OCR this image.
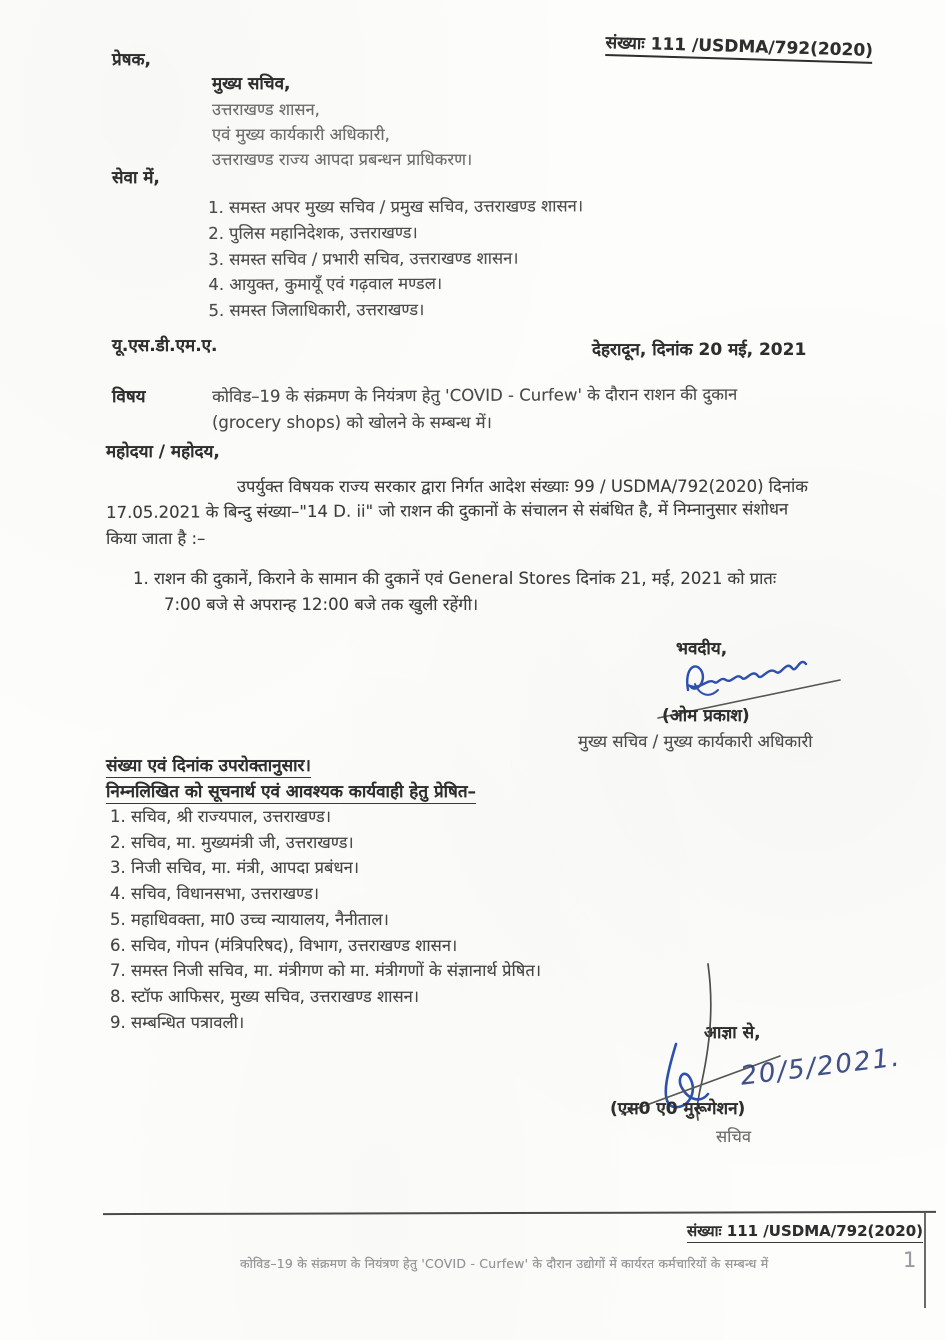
संख्याः 111 /USDMA/792(2020)
प्रेषक,
मुख्य सचिव,
उत्तराखण्ड शासन,
एवं मुख्य कार्यकारी अधिकारी,
उत्तराखण्ड राज्य आपदा प्रबन्धन प्राधिकरण।
सेवा में,
1. समस्त अपर मुख्य सचिव / प्रमुख सचिव, उत्तराखण्ड शासन।
2. पुलिस महानिदेशक, उत्तराखण्ड।
3. समस्त सचिव / प्रभारी सचिव, उत्तराखण्ड शासन।
4. आयुक्त, कुमायूँ एवं गढ़वाल मण्डल।
5. समस्त जिलाधिकारी, उत्तराखण्ड।
यू.एस.डी.एम.ए.	देहरादून, दिनांक 20 मई, 2021
विषय	कोविड–19 के संक्रमण के नियंत्रण हेतु 'COVID - Curfew' के दौरान राशन की दुकान
(grocery shops) को खोलने के सम्बन्ध में।
महोदया / महोदय,
उपर्युक्त विषयक राज्य सरकार द्वारा निर्गत आदेश संख्याः 99 / USDMA/792(2020) दिनांक
17.05.2021 के बिन्दु संख्या–"14 D. ii" जो राशन की दुकानों के संचालन से संबंधित है, में निम्नानुसार संशोधन
किया जाता है :–
1. राशन की दुकानें, किराने के सामान की दुकानें एवं General Stores दिनांक 21, मई, 2021 को प्रातः
7:00 बजे से अपरान्ह 12:00 बजे तक खुली रहेंगी।
भवदीय,
(ओम प्रकाश)
मुख्य सचिव / मुख्य कार्यकारी अधिकारी
संख्या एवं दिनांक उपरोक्तानुसार।
निम्नलिखित को सूचनार्थ एवं आवश्यक कार्यवाही हेतु प्रेषित–
1. सचिव, श्री राज्यपाल, उत्तराखण्ड।
2. सचिव, मा. मुख्यमंत्री जी, उत्तराखण्ड।
3. निजी सचिव, मा. मंत्री, आपदा प्रबंधन।
4. सचिव, विधानसभा, उत्तराखण्ड।
5. महाधिवक्ता, मा0 उच्च न्यायालय, नैनीताल।
6. सचिव, गोपन (मंत्रिपरिषद), विभाग, उत्तराखण्ड शासन।
7. समस्त निजी सचिव, मा. मंत्रीगण को मा. मंत्रीगणों के संज्ञानार्थ प्रेषित।
8. स्टॉफ आफिसर, मुख्य सचिव, उत्तराखण्ड शासन।
9. सम्बन्धित पत्रावली।
आज्ञा से,
20/5/2021.
(एस0 ए0 मुरूगेशन)
सचिव
संख्याः 111 /USDMA/792(2020)
कोविड–19 के संक्रमण के नियंत्रण हेतु 'COVID - Curfew' के दौरान उद्योगों में कार्यरत कर्मचारियों के सम्बन्ध में	1
